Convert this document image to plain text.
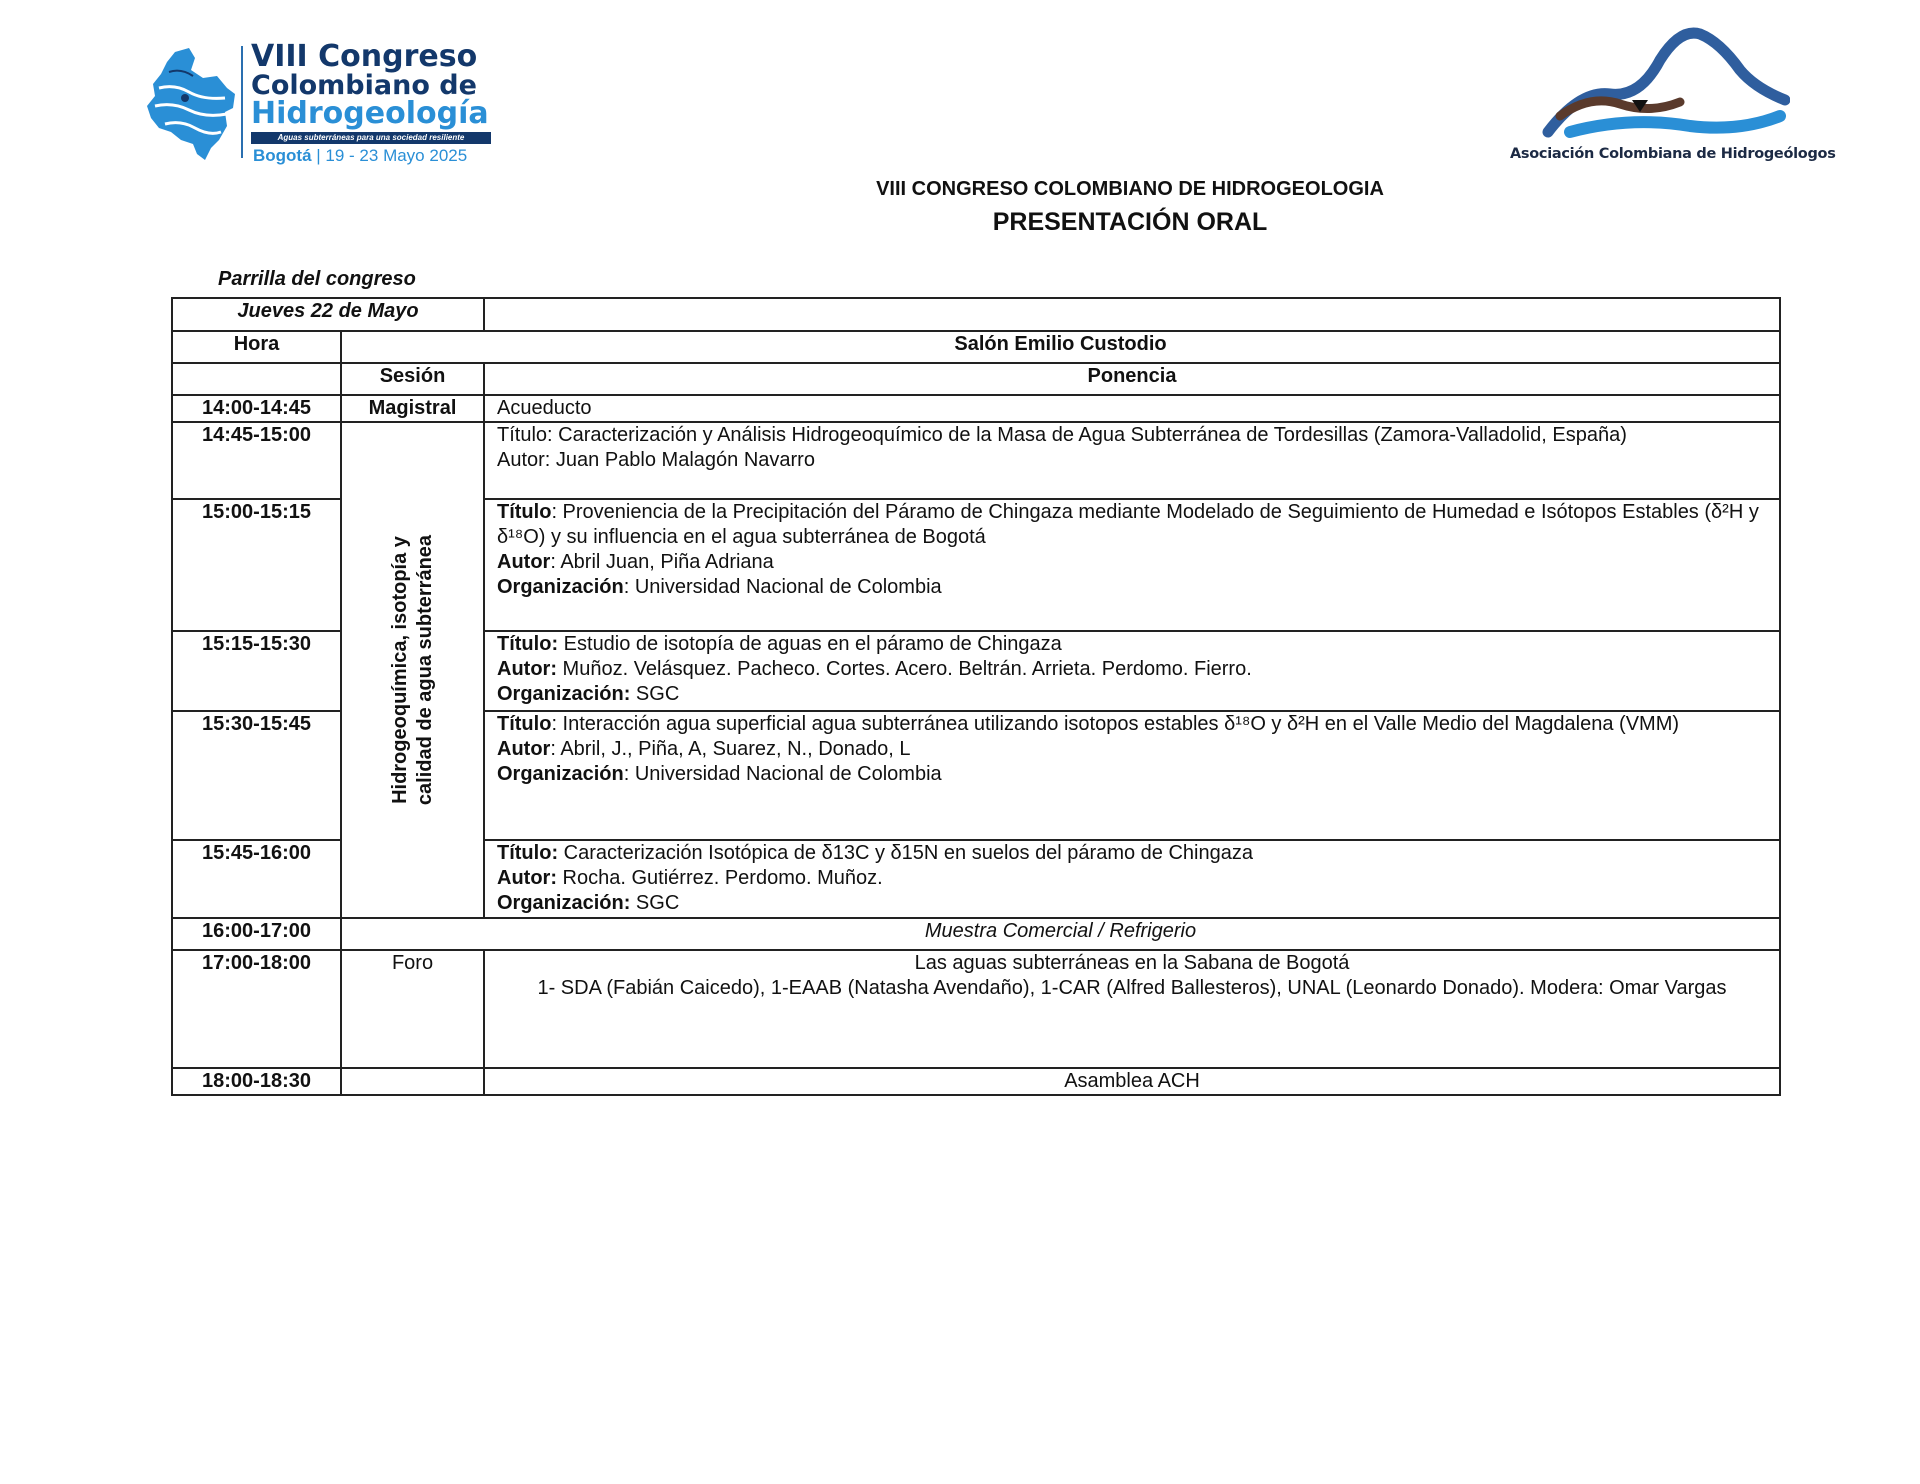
VIII Congreso
Colombiano de
Hidrogeología
Aguas subterráneas para una sociedad resiliente
Bogotá | 19 - 23 Mayo 2025	Asociación Colombiana de Hidrogeólogos
VIII CONGRESO COLOMBIANO DE HIDROGEOLOGIA
PRESENTACIÓN ORAL
Parrilla del congreso
Jueves 22 de Mayo		
Hora	Salón Emilio Custodio	
	Sesión	Ponencia
14:00-14:45	Magistral	Acueducto
14:45-15:00	Hidrogeoquímica, isotopía y calidad de agua subterránea	Título: Caracterización y Análisis Hidrogeoquímico de la Masa de Agua Subterránea de Tordesillas (Zamora-Valladolid, España)
Autor: Juan Pablo Malagón Navarro

15:00-15:15		Título: Proveniencia de la Precipitación del Páramo de Chingaza mediante Modelado de Seguimiento de Humedad e Isótopos Estables (δ²H y δ¹⁸O) y su influencia en el agua subterránea de Bogotá
Autor: Abril Juan, Piña Adriana
Organización: Universidad Nacional de Colombia

15:15-15:30		Título: Estudio de isotopía de aguas en el páramo de Chingaza
Autor: Muñoz. Velásquez. Pacheco. Cortes. Acero. Beltrán. Arrieta. Perdomo. Fierro.
Organización: SGC

15:30-15:45		Título: Interacción agua superficial agua subterránea utilizando isotopos estables δ¹⁸O y δ²H en el Valle Medio del Magdalena (VMM)
Autor: Abril, J., Piña, A, Suarez, N., Donado, L
Organización: Universidad Nacional de Colombia

15:45-16:00		Título: Caracterización Isotópica de δ13C y δ15N en suelos del páramo de Chingaza
Autor: Rocha. Gutiérrez. Perdomo. Muñoz.
Organización: SGC

16:00-17:00	Muestra Comercial / Refrigerio	
17:00-18:00	Foro	Las aguas subterráneas en la Sabana de Bogotá
1- SDA (Fabián Caicedo), 1-EAAB (Natasha Avendaño), 1-CAR (Alfred Ballesteros), UNAL (Leonardo Donado). Modera: Omar Vargas

18:00-18:30		Asamblea ACH
